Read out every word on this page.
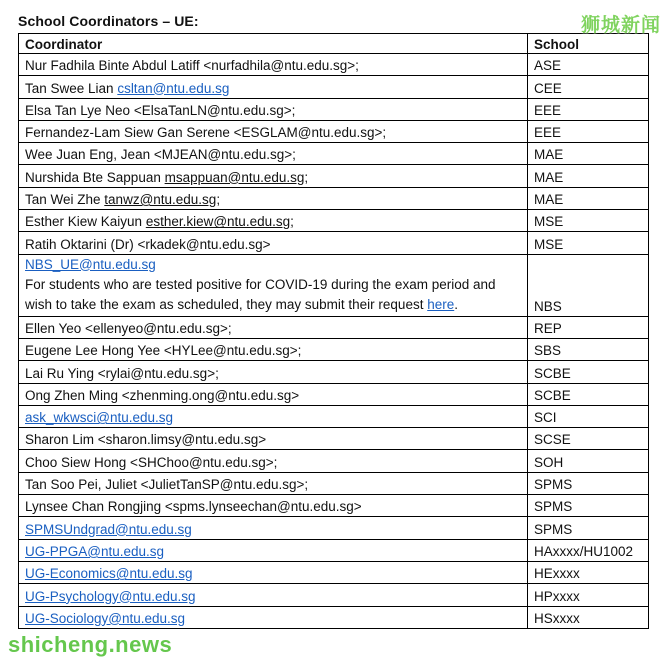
School Coordinators – UE:
Coordinator	School
Nur Fadhila Binte Abdul Latiff <nurfadhila@ntu.edu.sg>;	ASE
Tan Swee Lian csltan@ntu.edu.sg	CEE
Elsa Tan Lye Neo <ElsaTanLN@ntu.edu.sg>;	EEE
Fernandez-Lam Siew Gan Serene <ESGLAM@ntu.edu.sg>;	EEE
Wee Juan Eng, Jean <MJEAN@ntu.edu.sg>;	MAE
Nurshida Bte Sappuan msappuan@ntu.edu.sg;	MAE
Tan Wei Zhe tanwz@ntu.edu.sg;	MAE
Esther Kiew Kaiyun esther.kiew@ntu.edu.sg;	MSE
Ratih Oktarini (Dr) <rkadek@ntu.edu.sg>	MSE
NBS_UE@ntu.edu.sg
For students who are tested positive for COVID-19 during the exam period and wish to take the exam as scheduled, they may submit their request here.	NBS
Ellen Yeo <ellenyeo@ntu.edu.sg>;	REP
Eugene Lee Hong Yee <HYLee@ntu.edu.sg>;	SBS
Lai Ru Ying <rylai@ntu.edu.sg>;	SCBE
Ong Zhen Ming <zhenming.ong@ntu.edu.sg>	SCBE
ask_wkwsci@ntu.edu.sg	SCI
Sharon Lim <sharon.limsy@ntu.edu.sg>	SCSE
Choo Siew Hong <SHChoo@ntu.edu.sg>;	SOH
Tan Soo Pei, Juliet <JulietTanSP@ntu.edu.sg>;	SPMS
Lynsee Chan Rongjing <spms.lynseechan@ntu.edu.sg>	SPMS
SPMSUndgrad@ntu.edu.sg	SPMS
UG-PPGA@ntu.edu.sg	HAxxxx/HU1002
UG-Economics@ntu.edu.sg	HExxxx
UG-Psychology@ntu.edu.sg	HPxxxx
UG-Sociology@ntu.edu.sg	HSxxxx
狮城新闻
shicheng.news
